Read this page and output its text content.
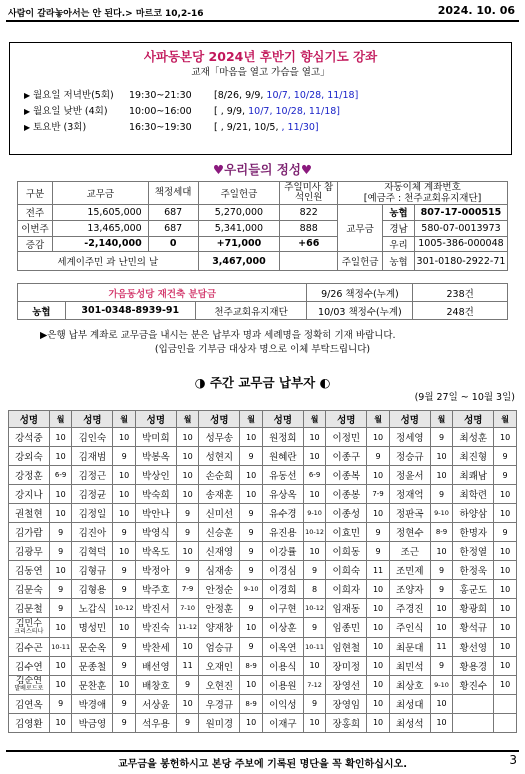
사람이 갈라놓아서는 안 된다.> 마르코 10,2-16	2024. 10. 06
사파동본당 2024년 후반기 향심기도 강좌
교재「마음을 열고 가슴을 열고」
▶ 월요일 저녁반(5회) 19:30~21:30 [8/26, 9/9, 10/7, 10/28, 11/18]
▶ 월요일 낮반 (4회) 10:00~16:00 [ , 9/9, 10/7, 10/28, 11/18]
▶ 토요반 (3회)	16:30~19:30 [ , 9/21, 10/5, , 11/30]
♥우리들의 정성♥
구분	교무금	책정세대	주일헌금	주일미사 참석인원	자동이체 계좌번호
[예금주 : 천주교회유지재단]		
전주	15,605,000	687	5,270,000	822	교무금	농협	807-17-000515
이번주	13,465,000	687	5,341,000	888		경남	580-07-0013973
증감	-2,140,000	0	+71,000	+66		우리	1005-386-000048
세계이주민 과 난민의 날			3,467,000		주일헌금	농협	301-0180-2922-71
가음동성당 재건축 분담금			9/26 책정수(누계)	238건
농협	301-0348-8939-91	천주교회유지재단	10/03 책정수(누계)	248건
▶은행 납부 계좌로 교무금을 내시는 분은 납부자 명과 세례명을 정확히 기재 바랍니다.
(입금인을 기부금 대상자 명으로 이체 부탁드립니다)
◑ 주간 교무금 납부자 ◐
(9월 27일 ~ 10월 3일)
성명	월	성명	월	성명	월	성명	월	성명	월	성명	월	성명	월	성명	월
강석중	10	김인숙	10	박미희	10	성무송	10	원정희	10	이정민	10	정세영	9	최성훈	10
강외숙	10	김재범	9	박봉옥	10	성현지	9	원혜란	10	이종구	9	정승규	10	최진형	9
강정훈	6-9	김정근	10	박상인	10	손순희	10	유동선	6-9	이종복	10	정윤서	10	최쾌남	9
강지나	10	김정균	10	박숙희	10	송재훈	10	유상옥	10	이종봉	7-9	정재억	9	최학련	10
권철현	10	김정일	10	박안나	9	신미선	9	유수경	9-10	이종성	10	정판곡	9-10	하양삼	10
김가람	9	김진아	9	박영식	9	신승훈	9	유진용	10-12	이효민	9	정현수	8-9	한명자	9
김광무	9	김혁덕	10	박옥도	10	신재영	9	이강률	10	이희동	9	조근	10	한정열	10
김동연	10	김형규	9	박정아	9	심재송	9	이경심	9	이희숙	11	조민제	9	한정욱	10
김문숙	9	김형용	9	박주호	7-9	안정순	9-10	이경희	8	이희자	10	조양자	9	홍군도	10
김문철	9	노갑식	10-12	박진서	7-10	안정훈	9	이구현	10-12	임재동	10	주경진	10	황광희	10

김민수
크리스티나	10	명성민	10	박진숙	11-12	양재창	10	이상훈	9	임종민	10	주인식	10	황석규	10
김수곤	10-11	문순옥	9	박찬세	10	엄승규	9	이옥연	10-11	임현철	10	최문대	11	황선영	10
김수연	10	문종철	9	배선영	11	오재인	8-9	이용식	10	장미정	10	최민석	9	황용경	10

김순연
발베로드로	10	문찬훈	10	배창호	9	오현진	10	이용원	7-12	장영선	10	최상호	9-10	황진수	10
김연옥	9	박경애	9	서상윤	10	우경규	8-9	이익성	9	장영임	10	최성대	10		
김영환	10	박금영	9	석우용	9	원미경	10	이재구	10	장홍희	10	최성석	10		
교무금을 봉헌하시고 본당 주보에 기록된 명단을 꼭 확인하십시오.	3
